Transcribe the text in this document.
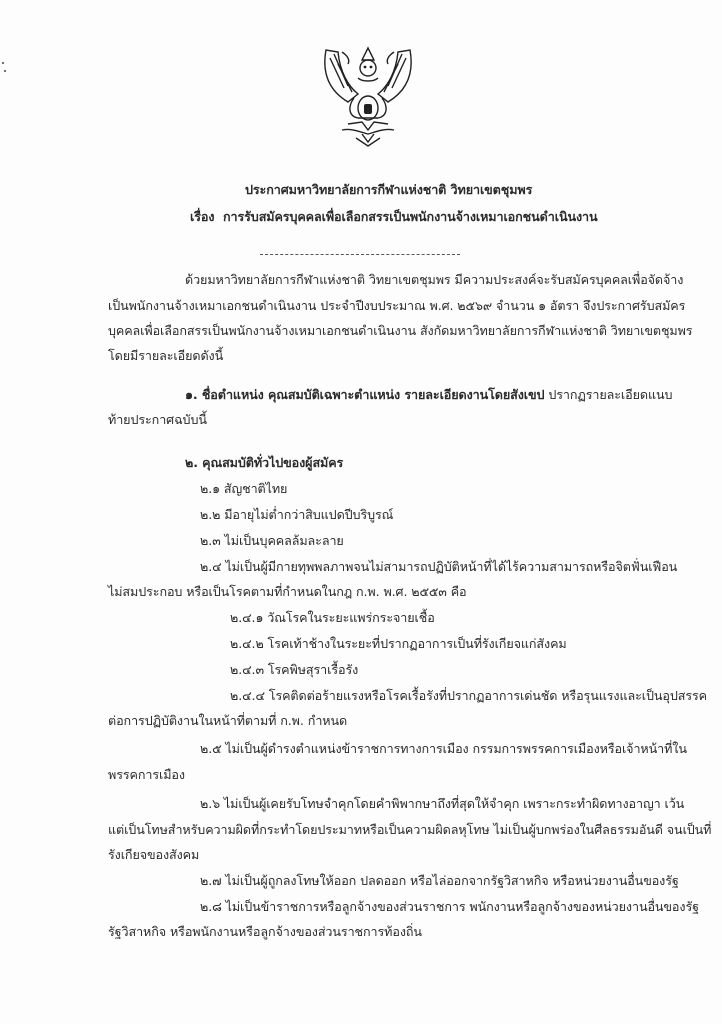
ประกาศมหาวิทยาลัยการกีฬาแห่งชาติ วิทยาเขตชุมพร
เรื่อง การรับสมัครบุคคลเพื่อเลือกสรรเป็นพนักงานจ้างเหมาเอกชนดำเนินงาน
ด้วยมหาวิทยาลัยการกีฬาแห่งชาติ วิทยาเขตชุมพร มีความประสงค์จะรับสมัครบุคคลเพื่อจัดจ้าง
เป็นพนักงานจ้างเหมาเอกชนดำเนินงาน ประจำปีงบประมาณ พ.ศ. ๒๕๖๙ จำนวน ๑ อัตรา จึงประกาศรับสมัคร
บุคคลเพื่อเลือกสรรเป็นพนักงานจ้างเหมาเอกชนดำเนินงาน สังกัดมหาวิทยาลัยการกีฬาแห่งชาติ วิทยาเขตชุมพร
โดยมีรายละเอียดดังนี้
๑. ชื่อตำแหน่ง คุณสมบัติเฉพาะตำแหน่ง รายละเอียดงานโดยสังเขป ปรากฏรายละเอียดแนบ
ท้ายประกาศฉบับนี้
๒. คุณสมบัติทั่วไปของผู้สมัคร
๒.๑ สัญชาติไทย
๒.๒ มีอายุไม่ต่ำกว่าสิบแปดปีบริบูรณ์
๒.๓ ไม่เป็นบุคคลล้มละลาย
๒.๔ ไม่เป็นผู้มีกายทุพพลภาพจนไม่สามารถปฏิบัติหน้าที่ได้ไร้ความสามารถหรือจิตฟั่นเฟือน
ไม่สมประกอบ หรือเป็นโรคตามที่กำหนดในกฎ ก.พ. พ.ศ. ๒๕๕๓ คือ
๒.๔.๑ วัณโรคในระยะแพร่กระจายเชื้อ
๒.๔.๒ โรคเท้าช้างในระยะที่ปรากฏอาการเป็นที่รังเกียจแก่สังคม
๒.๔.๓ โรคพิษสุราเรื้อรัง
๒.๔.๔ โรคติดต่อร้ายแรงหรือโรคเรื้อรังที่ปรากฏอาการเด่นชัด หรือรุนแรงและเป็นอุปสรรค
ต่อการปฏิบัติงานในหน้าที่ตามที่ ก.พ. กำหนด
๒.๕ ไม่เป็นผู้ดำรงตำแหน่งข้าราชการทางการเมือง กรรมการพรรคการเมืองหรือเจ้าหน้าที่ใน
พรรคการเมือง
๒.๖ ไม่เป็นผู้เคยรับโทษจำคุกโดยคำพิพากษาถึงที่สุดให้จำคุก เพราะกระทำผิดทางอาญา เว้น
แต่เป็นโทษสำหรับความผิดที่กระทำโดยประมาทหรือเป็นความผิดลหุโทษ ไม่เป็นผู้บกพร่องในศีลธรรมอันดี จนเป็นที่
รังเกียจของสังคม
๒.๗ ไม่เป็นผู้ถูกลงโทษให้ออก ปลดออก หรือไล่ออกจากรัฐวิสาหกิจ หรือหน่วยงานอื่นของรัฐ
๒.๘ ไม่เป็นข้าราชการหรือลูกจ้างของส่วนราชการ พนักงานหรือลูกจ้างของหน่วยงานอื่นของรัฐ
รัฐวิสาหกิจ หรือพนักงานหรือลูกจ้างของส่วนราชการท้องถิ่น
